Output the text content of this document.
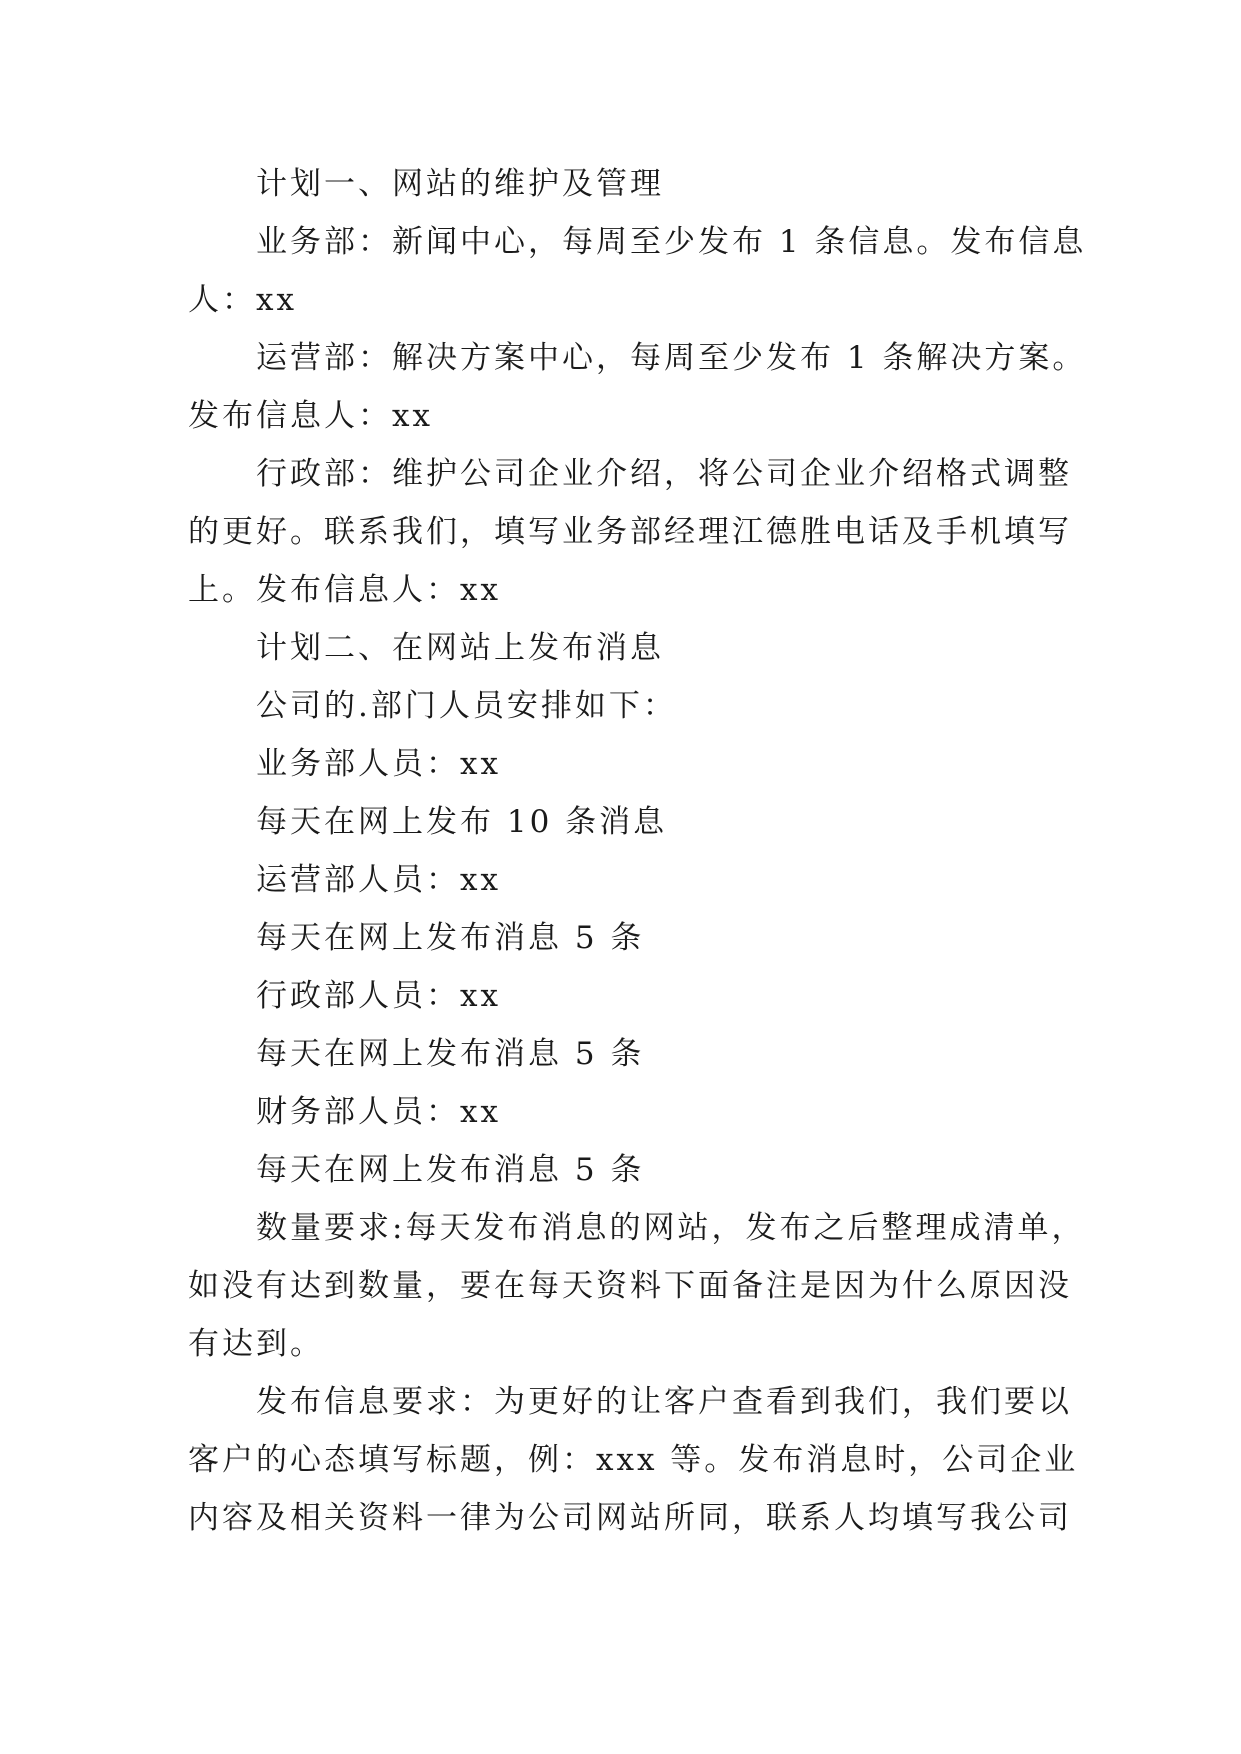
计划一、网站的维护及管理
业务部：新闻中心，每周至少发布 1 条信息。发布信息
人：xx
运营部：解决方案中心，每周至少发布 1 条解决方案。
发布信息人：xx
行政部：维护公司企业介绍，将公司企业介绍格式调整
的更好。联系我们，填写业务部经理江德胜电话及手机填写
上。发布信息人：xx
计划二、在网站上发布消息
公司的.部门人员安排如下：
业务部人员：xx
每天在网上发布 10 条消息
运营部人员：xx
每天在网上发布消息 5 条
行政部人员：xx
每天在网上发布消息 5 条
财务部人员：xx
每天在网上发布消息 5 条
数量要求:每天发布消息的网站，发布之后整理成清单，
如没有达到数量，要在每天资料下面备注是因为什么原因没
有达到。
发布信息要求：为更好的让客户查看到我们，我们要以
客户的心态填写标题，例：xxx 等。发布消息时，公司企业
内容及相关资料一律为公司网站所同，联系人均填写我公司
